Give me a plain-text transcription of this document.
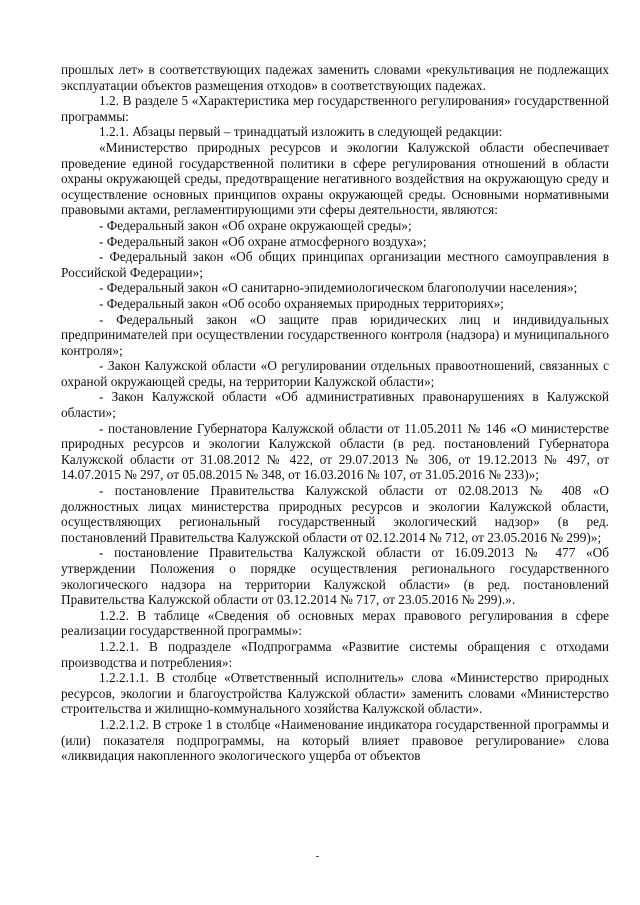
прошлых лет» в соответствующих падежах заменить словами «рекультивация не подлежащих эксплуатации объектов размещения отходов» в соответствующих падежах.

1.2. В разделе 5 «Характеристика мер государственного регулирования» государственной программы:

1.2.1. Абзацы первый – тринадцатый изложить в следующей редакции:

«Министерство природных ресурсов и экологии Калужской области обеспечивает проведение единой государственной политики в сфере регулирования отношений в области охраны окружающей среды, предотвращение негативного воздействия на окружающую среду и осуществление основных принципов охраны окружающей среды. Основными нормативными правовыми актами, регламентирующими эти сферы деятельности, являются:

- Федеральный закон «Об охране окружающей среды»;

- Федеральный закон «Об охране атмосферного воздуха»;

- Федеральный закон «Об общих принципах организации местного самоуправления в Российской Федерации»;

- Федеральный закон «О санитарно-эпидемиологическом благополучии населения»;

- Федеральный закон «Об особо охраняемых природных территориях»;

- Федеральный закон «О защите прав юридических лиц и индивидуальных предпринимателей при осуществлении государственного контроля (надзора) и муниципального контроля»;

- Закон Калужской области «О регулировании отдельных правоотношений, связанных с охраной окружающей среды, на территории Калужской области»;

- Закон Калужской области «Об административных правонарушениях в Калужской области»;

- постановление Губернатора Калужской области от 11.05.2011 № 146 «О министерстве природных ресурсов и экологии Калужской области (в ред. постановлений Губернатора Калужской области от 31.08.2012 № 422, от 29.07.2013 № 306, от 19.12.2013 № 497, от 14.07.2015 № 297, от 05.08.2015 № 348, от 16.03.2016 № 107, от 31.05.2016 № 233)»;

- постановление Правительства Калужской области от 02.08.2013 № 408 «О должностных лицах министерства природных ресурсов и экологии Калужской области, осуществляющих региональный государственный экологический надзор» (в ред. постановлений Правительства Калужской области от 02.12.2014 № 712, от 23.05.2016 № 299)»;

- постановление Правительства Калужской области от 16.09.2013 № 477 «Об утверждении Положения о порядке осуществления регионального государственного экологического надзора на территории Калужской области» (в ред. постановлений Правительства Калужской области от 03.12.2014 № 717, от 23.05.2016 № 299).».

1.2.2. В таблице «Сведения об основных мерах правового регулирования в сфере реализации государственной программы»:

1.2.2.1. В подразделе «Подпрограмма «Развитие системы обращения с отходами производства и потребления»:

1.2.2.1.1. В столбце «Ответственный исполнитель» слова «Министерство природных ресурсов, экологии и благоустройства Калужской области» заменить словами «Министерство строительства и жилищно-коммунального хозяйства Калужской области».

1.2.2.1.2. В строке 1 в столбце «Наименование индикатора государственной программы и (или) показателя подпрограммы, на который влияет правовое регулирование» слова «ликвидация накопленного экологического ущерба от объектов
